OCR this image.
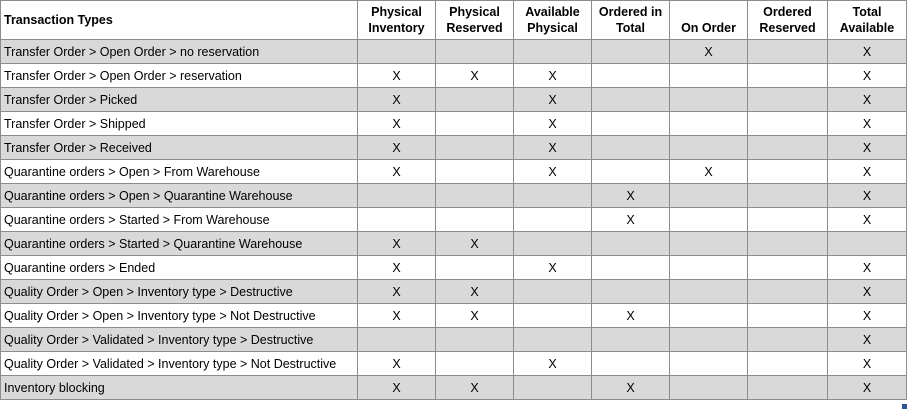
Transaction Types	Physical Inventory	Physical Reserved	Available Physical	Ordered in Total	On Order	Ordered Reserved	Total Available
Transfer Order > Open Order > no reservation					X		X
Transfer Order > Open Order > reservation	X	X	X				X
Transfer Order > Picked	X		X				X
Transfer Order > Shipped	X		X				X
Transfer Order > Received	X		X				X
Quarantine orders > Open > From Warehouse	X		X		X		X
Quarantine orders > Open > Quarantine Warehouse				X			X
Quarantine orders > Started > From Warehouse				X			X
Quarantine orders > Started > Quarantine Warehouse	X	X					
Quarantine orders > Ended	X		X				X
Quality Order > Open > Inventory type > Destructive	X	X					X
Quality Order > Open > Inventory type > Not Destructive	X	X		X			X
Quality Order > Validated > Inventory type > Destructive							X
Quality Order > Validated > Inventory type > Not Destructive	X		X				X
Inventory blocking	X	X		X			X
